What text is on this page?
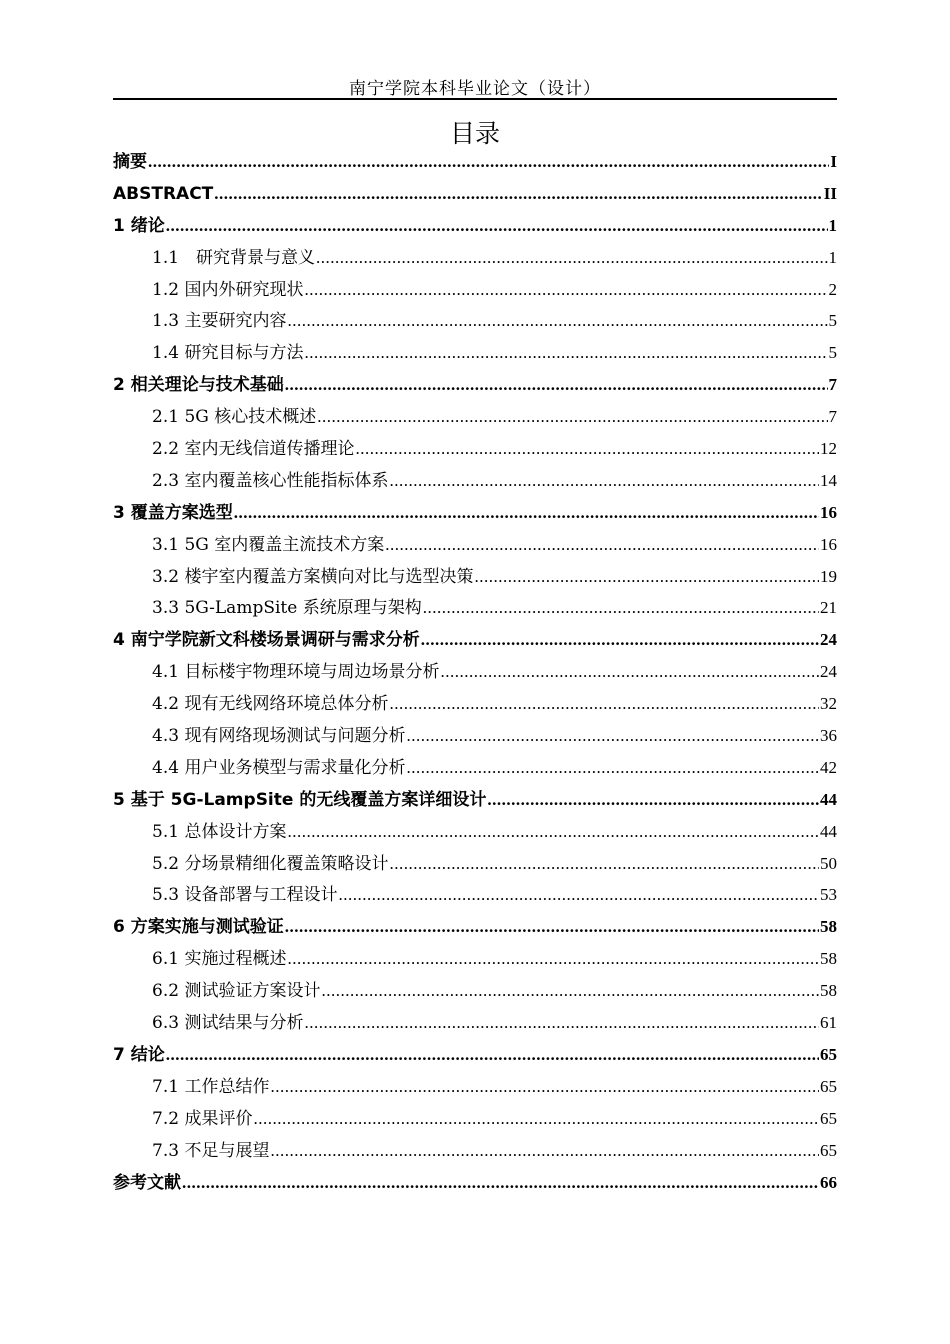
南宁学院本科毕业论文（设计）
目录
摘要 .....	I
ABSTRACT .....	II
1 绪论 .....	1
1.1　研究背景与意义 .....	1
1.2 国内外研究现状 .....	2
1.3 主要研究内容 .....	5
1.4 研究目标与方法 .....	5
2 相关理论与技术基础 .....	7
2.1 5G 核心技术概述 .....	7
2.2 室内无线信道传播理论 .....	12
2.3 室内覆盖核心性能指标体系 .....	14
3 覆盖方案选型 .....	16
3.1 5G 室内覆盖主流技术方案 .....	16
3.2 楼宇室内覆盖方案横向对比与选型决策 .....	19
3.3 5G-LampSite 系统原理与架构 .....	21
4 南宁学院新文科楼场景调研与需求分析 .....	24
4.1 目标楼宇物理环境与周边场景分析 .....	24
4.2 现有无线网络环境总体分析 .....	32
4.3 现有网络现场测试与问题分析 .....	36
4.4 用户业务模型与需求量化分析 .....	42
5 基于 5G-LampSite 的无线覆盖方案详细设计 .....	44
5.1 总体设计方案 .....	44
5.2 分场景精细化覆盖策略设计 .....	50
5.3 设备部署与工程设计 .....	53
6 方案实施与测试验证 .....	58
6.1 实施过程概述 .....	58
6.2 测试验证方案设计 .....	58
6.3 测试结果与分析 .....	61
7 结论 .....	65
7.1 工作总结作 .....	65
7.2 成果评价 .....	65
7.3 不足与展望 .....	65
参考文献 .....	66
